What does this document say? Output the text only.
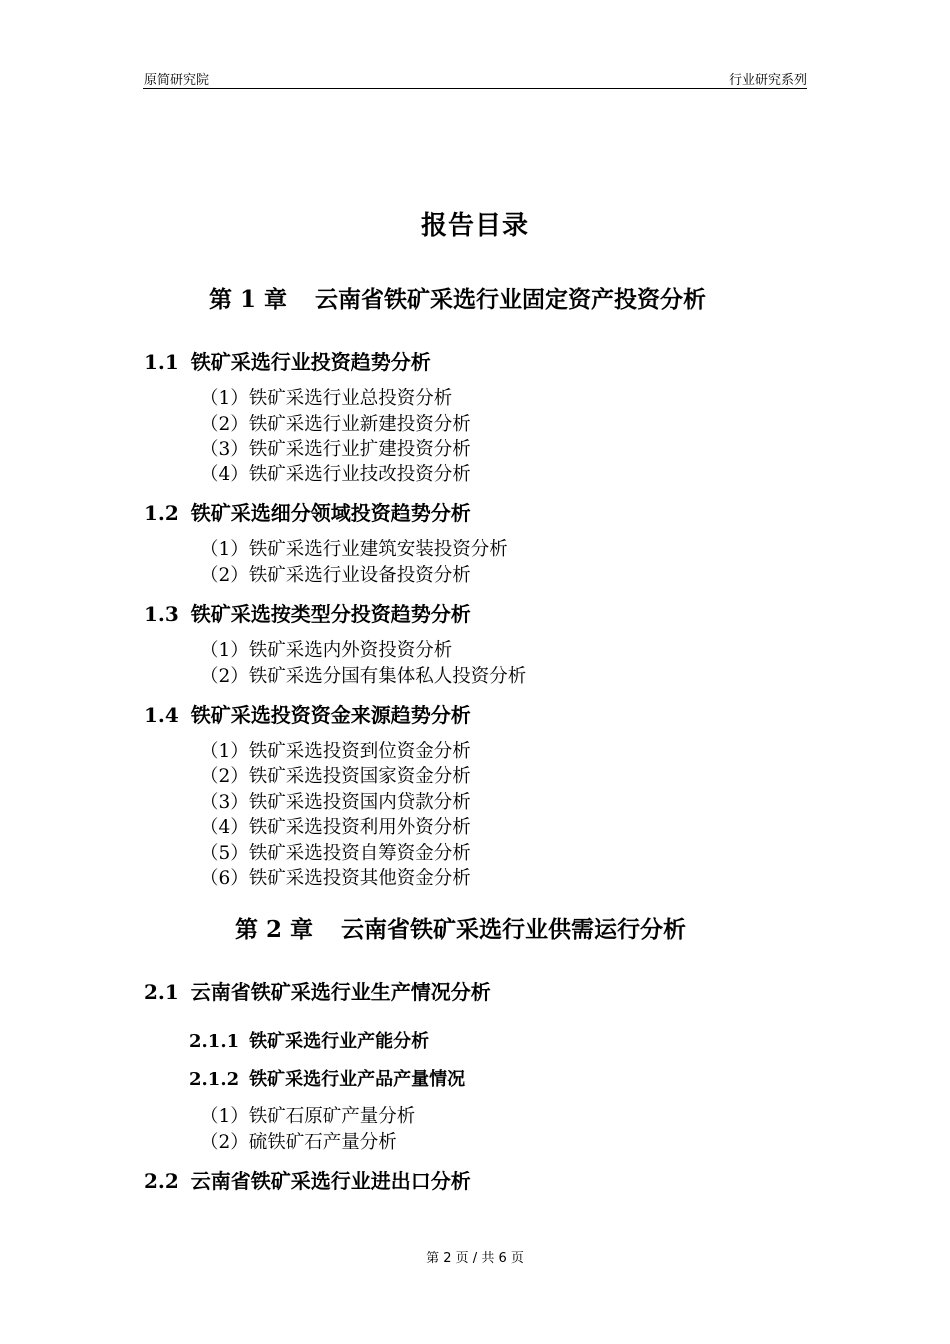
原简研究院	行业研究系列
报告目录
第 1 章 云南省铁矿采选行业固定资产投资分析
1.1 铁矿采选行业投资趋势分析
（1）铁矿采选行业总投资分析
（2）铁矿采选行业新建投资分析
（3）铁矿采选行业扩建投资分析
（4）铁矿采选行业技改投资分析
1.2 铁矿采选细分领域投资趋势分析
（1）铁矿采选行业建筑安装投资分析
（2）铁矿采选行业设备投资分析
1.3 铁矿采选按类型分投资趋势分析
（1）铁矿采选内外资投资分析
（2）铁矿采选分国有集体私人投资分析
1.4 铁矿采选投资资金来源趋势分析
（1）铁矿采选投资到位资金分析
（2）铁矿采选投资国家资金分析
（3）铁矿采选投资国内贷款分析
（4）铁矿采选投资利用外资分析
（5）铁矿采选投资自筹资金分析
（6）铁矿采选投资其他资金分析
第 2 章 云南省铁矿采选行业供需运行分析
2.1 云南省铁矿采选行业生产情况分析
2.1.1 铁矿采选行业产能分析
2.1.2 铁矿采选行业产品产量情况
（1）铁矿石原矿产量分析
（2）硫铁矿石产量分析
2.2 云南省铁矿采选行业进出口分析
第 2 页 / 共 6 页
